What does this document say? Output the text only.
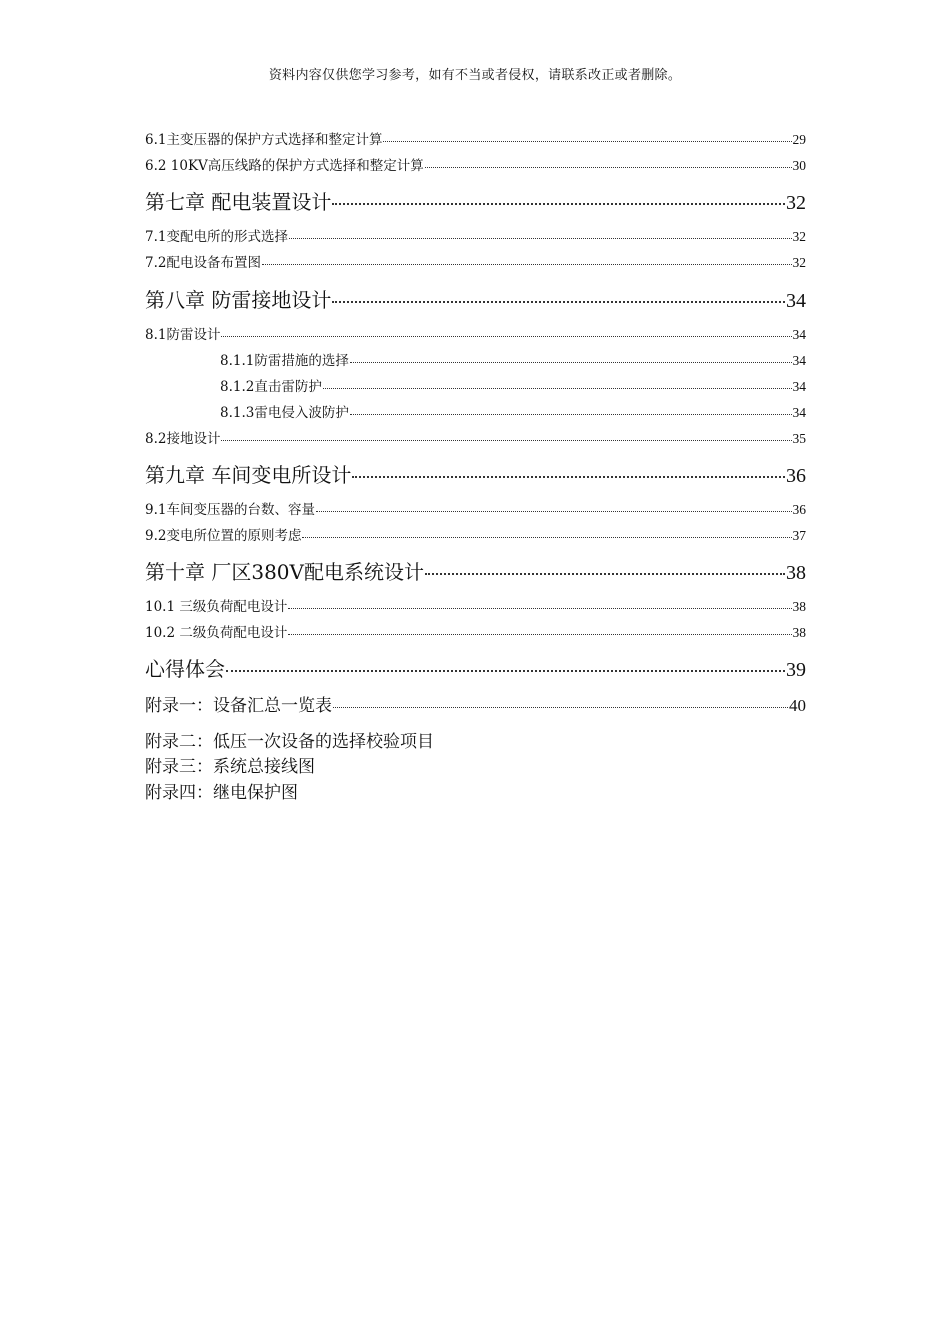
资料内容仅供您学习参考，如有不当或者侵权，请联系改正或者删除。
6.1主变压器的保护方式选择和整定计算	29
6.2 10KV高压线路的保护方式选择和整定计算	30
第七章 配电装置设计	32
7.1变配电所的形式选择	32
7.2配电设备布置图	32
第八章 防雷接地设计	34
8.1防雷设计	34
8.1.1防雷措施的选择	34
8.1.2直击雷防护	34
8.1.3雷电侵入波防护	34
8.2接地设计	35
第九章 车间变电所设计	36
9.1车间变压器的台数、容量	36
9.2变电所位置的原则考虑	37
第十章 厂区380V配电系统设计	38
10.1 三级负荷配电设计	38
10.2 二级负荷配电设计	38
心得体会	39
附录一：设备汇总一览表	40
附录二：低压一次设备的选择校验项目
附录三：系统总接线图
附录四：继电保护图
